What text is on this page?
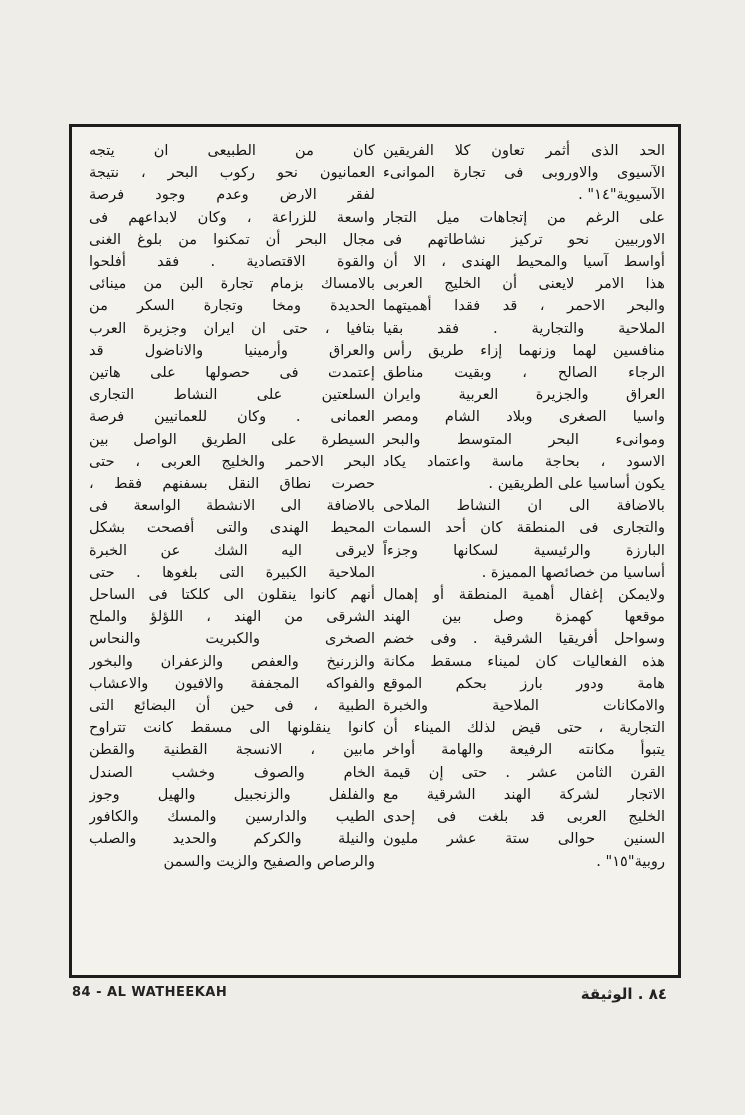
الحد الذى أثمر تعاون كلا الفريقين
الآسيوى والاوروبى فى تجارة الموانىء
الآسيوية"١٤" .
على الرغم من إتجاهات ميل التجار
الاوربيين نحو تركيز نشاطاتهم فى
أواسط آسيا والمحيط الهندى ، الا أن
هذا الامر لايعنى أن الخليج العربى
والبحر الاحمر ، قد فقدا أهميتهما
الملاحية والتجارية . فقد بقيا
منافسين لهما وزنهما إزاء طريق رأس
الرجاء الصالح ، وبقيت مناطق
العراق والجزيرة العربية وايران
واسيا الصغرى وبلاد الشام ومصر
وموانىء البحر المتوسط والبحر
الاسود ، بحاجة ماسة واعتماد يكاد
يكون أساسيا على الطريقين .
بالاضافة الى ان النشاط الملاحى
والتجارى فى المنطقة كان أحد السمات
البارزة والرئيسية لسكانها وجزءاً
أساسيا من خصائصها المميزة .
ولايمكن إغفال أهمية المنطقة أو إهمال
موقعها كهمزة وصل بين الهند
وسواحل أفريقيا الشرقية . وفى خضم
هذه الفعاليات كان لميناء مسقط مكانة
هامة ودور بارز بحكم الموقع
والامكانات الملاحية والخبرة
التجارية ، حتى قيض لذلك الميناء أن
يتبوأ مكانته الرفيعة والهامة أواخر
القرن الثامن عشر . حتى إن قيمة
الاتجار لشركة الهند الشرقية مع
الخليج العربى قد بلغت فى إحدى
السنين حوالى ستة عشر مليون
روبية"١٥" .
كان من الطبيعى ان يتجه
العمانيون نحو ركوب البحر ، نتيجة
لفقر الارض وعدم وجود فرصة
واسعة للزراعة ، وكان لابداعهم فى
مجال البحر أن تمكنوا من بلوغ الغنى
والقوة الاقتصادية . فقد أفلحوا
بالامساك بزمام تجارة البن من مينائى
الحديدة ومخا وتجارة السكر من
بتافيا ، حتى ان ايران وجزيرة العرب
والعراق وأرمينيا والاناضول قد
إعتمدت فى حصولها على هاتين
السلعتين على النشاط التجارى
العمانى . وكان للعمانيين فرصة
السيطرة على الطريق الواصل بين
البحر الاحمر والخليج العربى ، حتى
حصرت نطاق النقل بسفنهم فقط ،
بالاضافة الى الانشطة الواسعة فى
المحيط الهندى والتى أفصحت بشكل
لايرقى اليه الشك عن الخبرة
الملاحية الكبيرة التى بلغوها . حتى
أنهم كانوا ينقلون الى كلكتا فى الساحل
الشرقى من الهند ، اللؤلؤ والملح
الصخرى والكبريت والنحاس
والزرنيخ والعفص والزعفران والبخور
والفواكه المجففة والافيون والاعشاب
الطبية ، فى حين أن البضائع التى
كانوا ينقلونها الى مسقط كانت تتراوح
مابين ، الانسجة القطنية والقطن
الخام والصوف وخشب الصندل
والفلفل والزنجبيل والهيل وجوز
الطيب والدارسين والمسك والكافور
والنيلة والكركم والحديد والصلب
والرصاص والصفيح والزيت والسمن
84 - AL WATHEEKAH	٨٤ . الوثيقة
